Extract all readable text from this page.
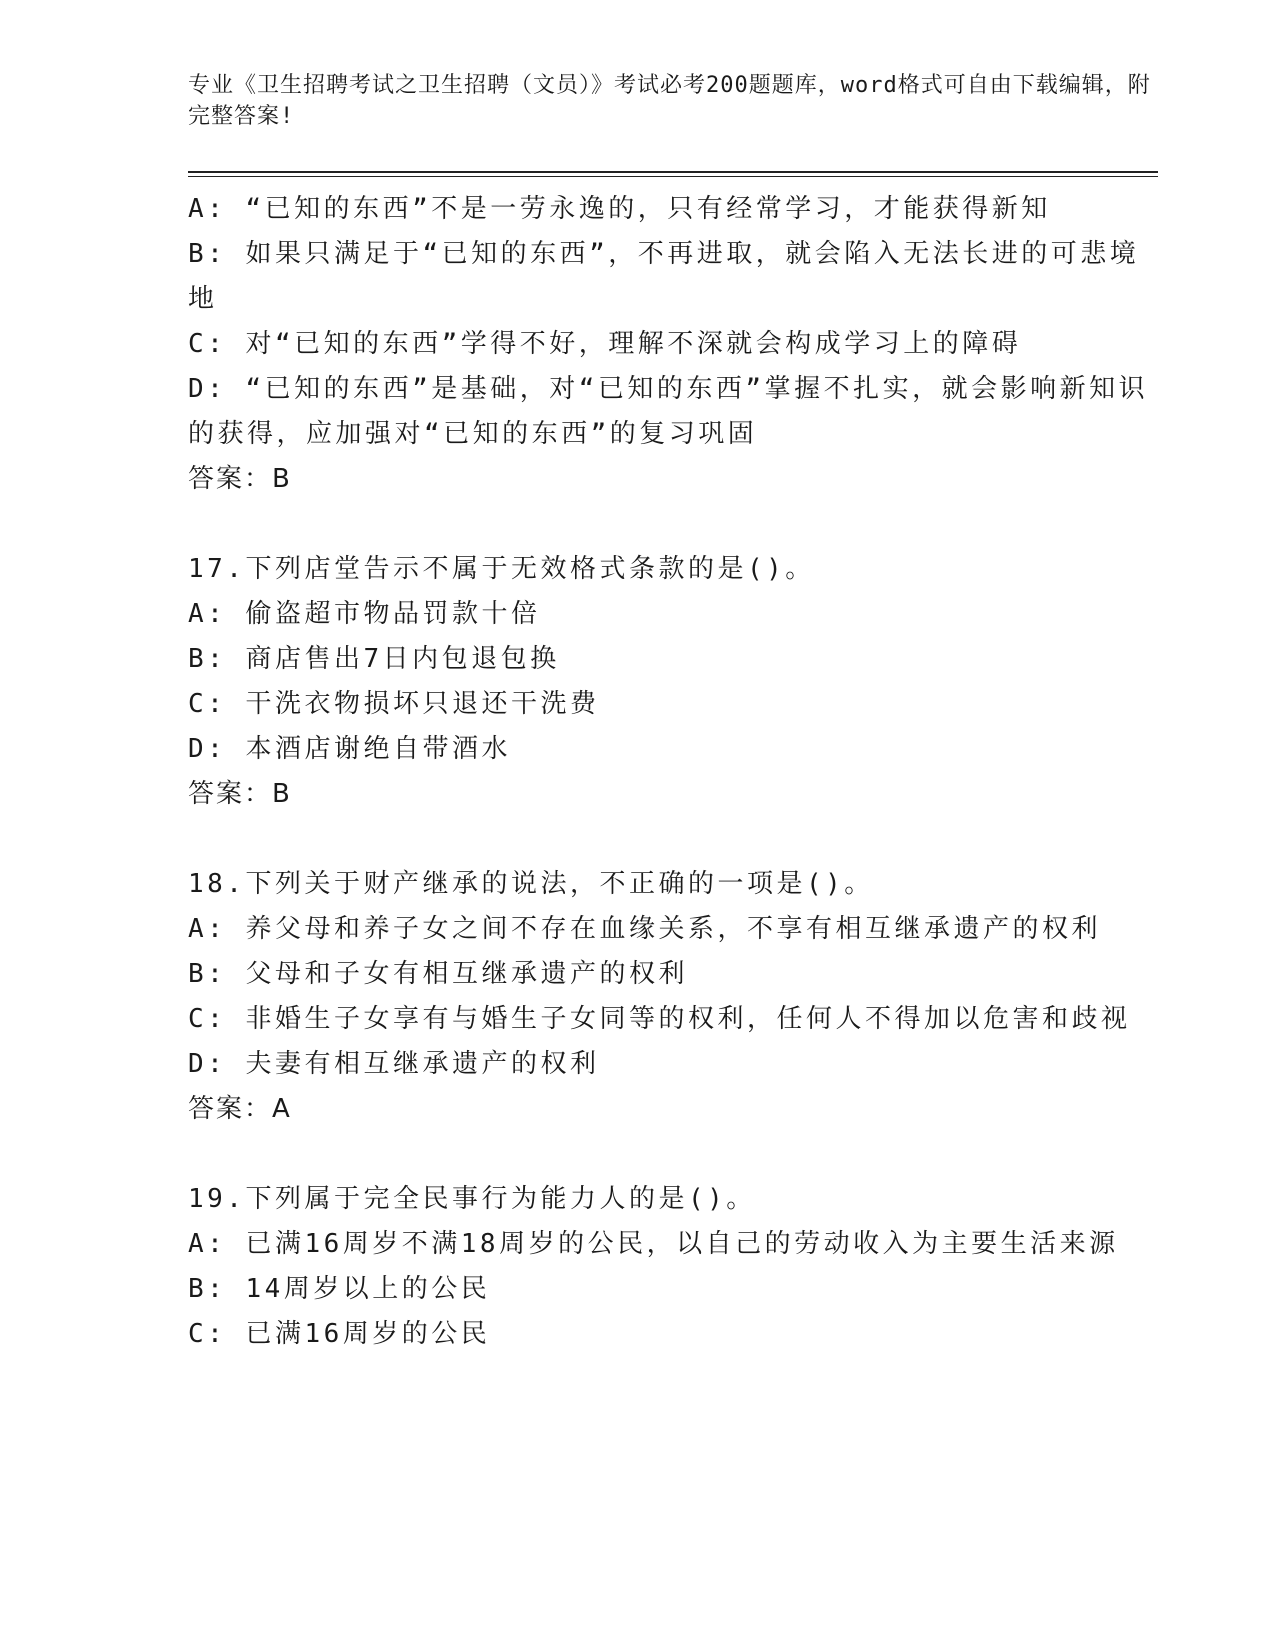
专业《卫生招聘考试之卫生招聘（文员）》考试必考200题题库，word格式可自由下载编辑，附完整答案!

A: “已知的东西”不是一劳永逸的，只有经常学习，才能获得新知

B: 如果只满足于“已知的东西”，不再进取，就会陷入无法长进的可悲境地

C: 对“已知的东西”学得不好，理解不深就会构成学习上的障碍

D: “已知的东西”是基础，对“已知的东西”掌握不扎实，就会影响新知识的获得，应加强对“已知的东西”的复习巩固

答案：B

17.下列店堂告示不属于无效格式条款的是()。

A: 偷盗超市物品罚款十倍

B: 商店售出7日内包退包换

C: 干洗衣物损坏只退还干洗费

D: 本酒店谢绝自带酒水

答案：B

18.下列关于财产继承的说法，不正确的一项是()。

A: 养父母和养子女之间不存在血缘关系，不享有相互继承遗产的权利

B: 父母和子女有相互继承遗产的权利

C: 非婚生子女享有与婚生子女同等的权利，任何人不得加以危害和歧视

D: 夫妻有相互继承遗产的权利

答案：A

19.下列属于完全民事行为能力人的是()。

A: 已满16周岁不满18周岁的公民，以自己的劳动收入为主要生活来源

B: 14周岁以上的公民

C: 已满16周岁的公民
